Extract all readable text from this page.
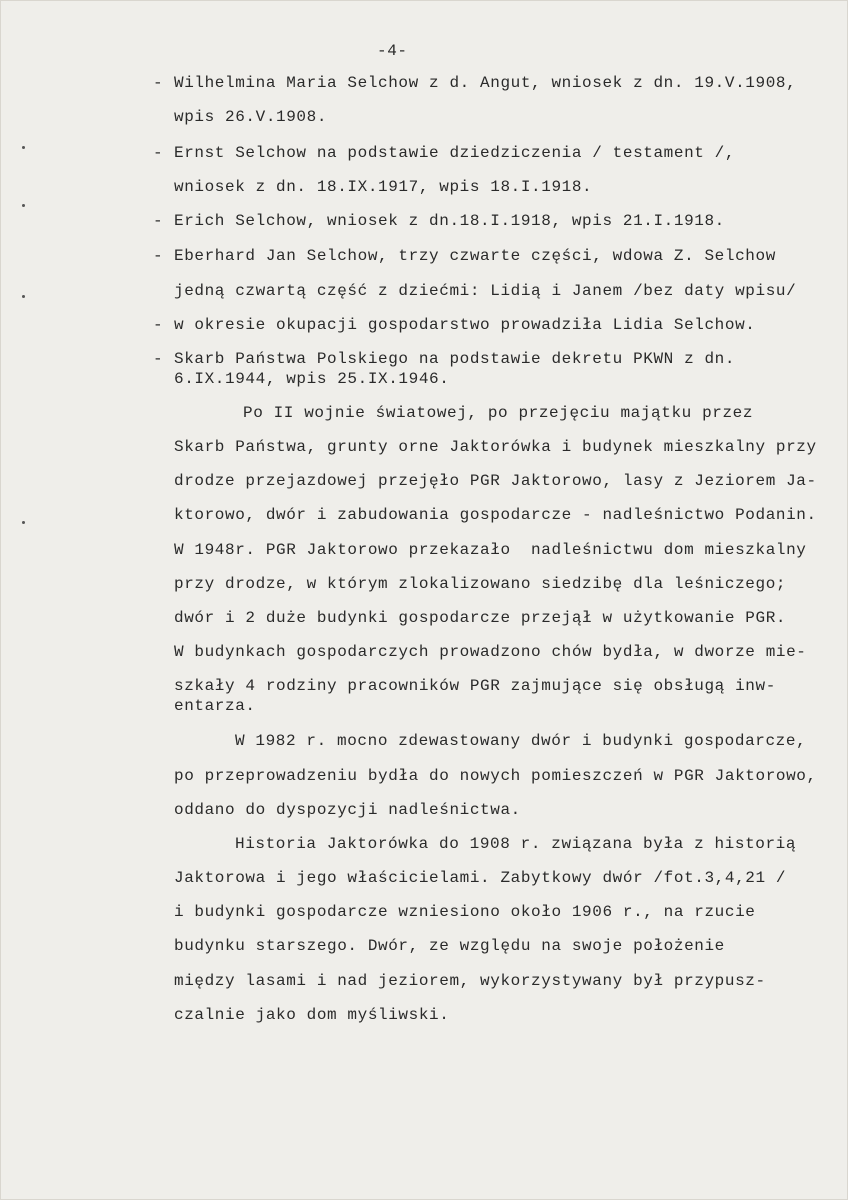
-4-
- Wilhelmina Maria Selchow z d. Angut, wniosek z dn. 19.V.1908,
wpis 26.V.1908.
- Ernst Selchow na podstawie dziedziczenia / testament /,
wniosek z dn. 18.IX.1917, wpis 18.I.1918.
- Erich Selchow, wniosek z dn.18.I.1918, wpis 21.I.1918.
- Eberhard Jan Selchow, trzy czwarte części, wdowa Z. Selchow
jedną czwartą część z dziećmi: Lidią i Janem /bez daty wpisu/
- w okresie okupacji gospodarstwo prowadziła Lidia Selchow.
- Skarb Państwa Polskiego na podstawie dekretu PKWN z dn.
6.IX.1944, wpis 25.IX.1946.
Po II wojnie światowej, po przejęciu majątku przez
Skarb Państwa, grunty orne Jaktorówka i budynek mieszkalny przy
drodze przejazdowej przejęło PGR Jaktorowo, lasy z Jeziorem Ja-
ktorowo, dwór i zabudowania gospodarcze - nadleśnictwo Podanin.
W 1948r. PGR Jaktorowo przekazało  nadleśnictwu dom mieszkalny
przy drodze, w którym zlokalizowano siedzibę dla leśniczego;
dwór i 2 duże budynki gospodarcze przejął w użytkowanie PGR.
W budynkach gospodarczych prowadzono chów bydła, w dworze mie-
szkały 4 rodziny pracowników PGR zajmujące się obsługą inw-
entarza.
W 1982 r. mocno zdewastowany dwór i budynki gospodarcze,
po przeprowadzeniu bydła do nowych pomieszczeń w PGR Jaktorowo,
oddano do dyspozycji nadleśnictwa.
Historia Jaktorówka do 1908 r. związana była z historią
Jaktorowa i jego właścicielami. Zabytkowy dwór /fot.3,4,21 /
i budynki gospodarcze wzniesiono około 1906 r., na rzucie
budynku starszego. Dwór, ze względu na swoje położenie
między lasami i nad jeziorem, wykorzystywany był przypusz-
czalnie jako dom myśliwski.
